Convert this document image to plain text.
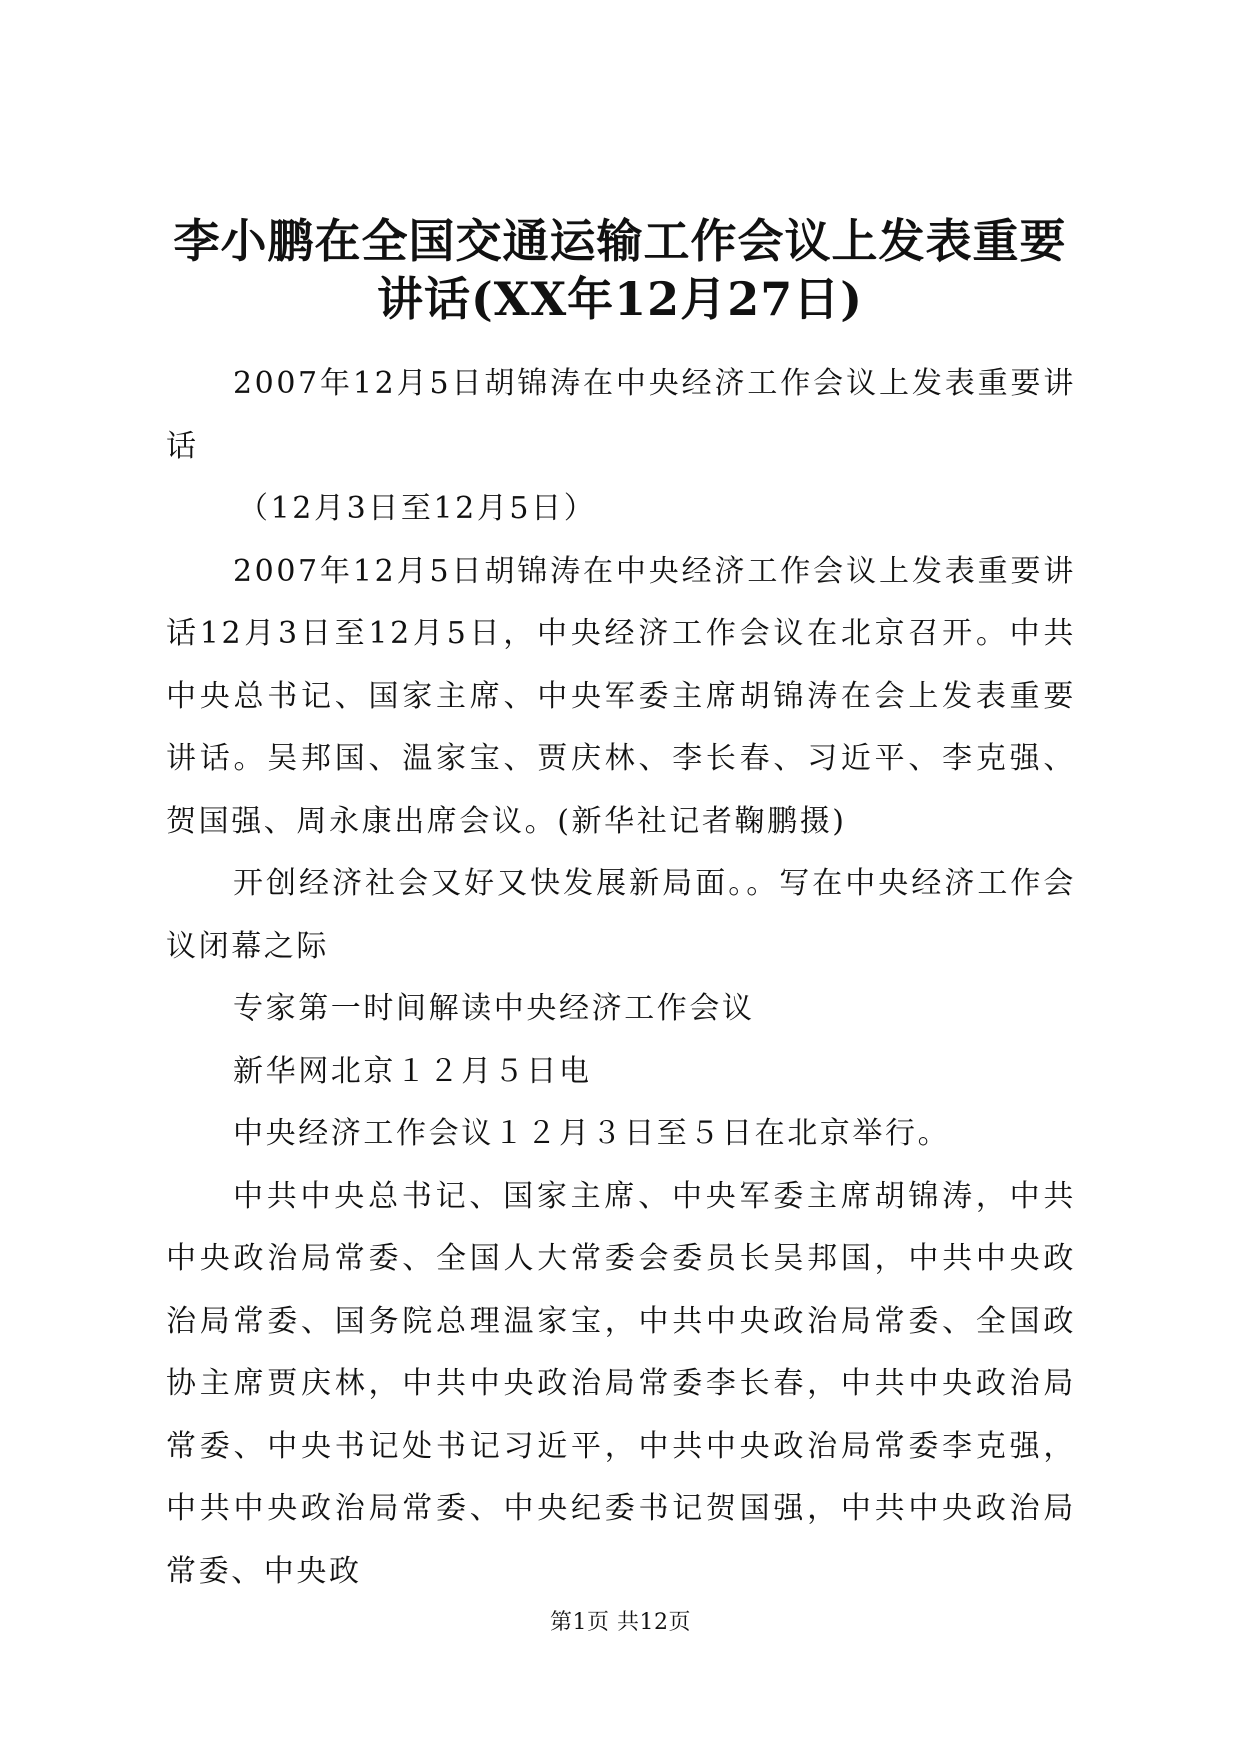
李小鹏在全国交通运输工作会议上发表重要讲话(XX年12月27日)

2007年12月5日胡锦涛在中央经济工作会议上发表重要讲话

（12月3日至12月5日）

2007年12月5日胡锦涛在中央经济工作会议上发表重要讲话12月3日至12月5日，中央经济工作会议在北京召开。中共中央总书记、国家主席、中央军委主席胡锦涛在会上发表重要讲话。吴邦国、温家宝、贾庆林、李长春、习近平、李克强、贺国强、周永康出席会议。(新华社记者鞠鹏摄)

开创经济社会又好又快发展新局面。。写在中央经济工作会议闭幕之际

专家第一时间解读中央经济工作会议

新华网北京１２月５日电

中央经济工作会议１２月３日至５日在北京举行。

中共中央总书记、国家主席、中央军委主席胡锦涛，中共中央政治局常委、全国人大常委会委员长吴邦国，中共中央政治局常委、国务院总理温家宝，中共中央政治局常委、全国政协主席贾庆林，中共中央政治局常委李长春，中共中央政治局常委、中央书记处书记习近平，中共中央政治局常委李克强，中共中央政治局常委、中央纪委书记贺国强，中共中央政治局常委、中央政

第1页 共12页
